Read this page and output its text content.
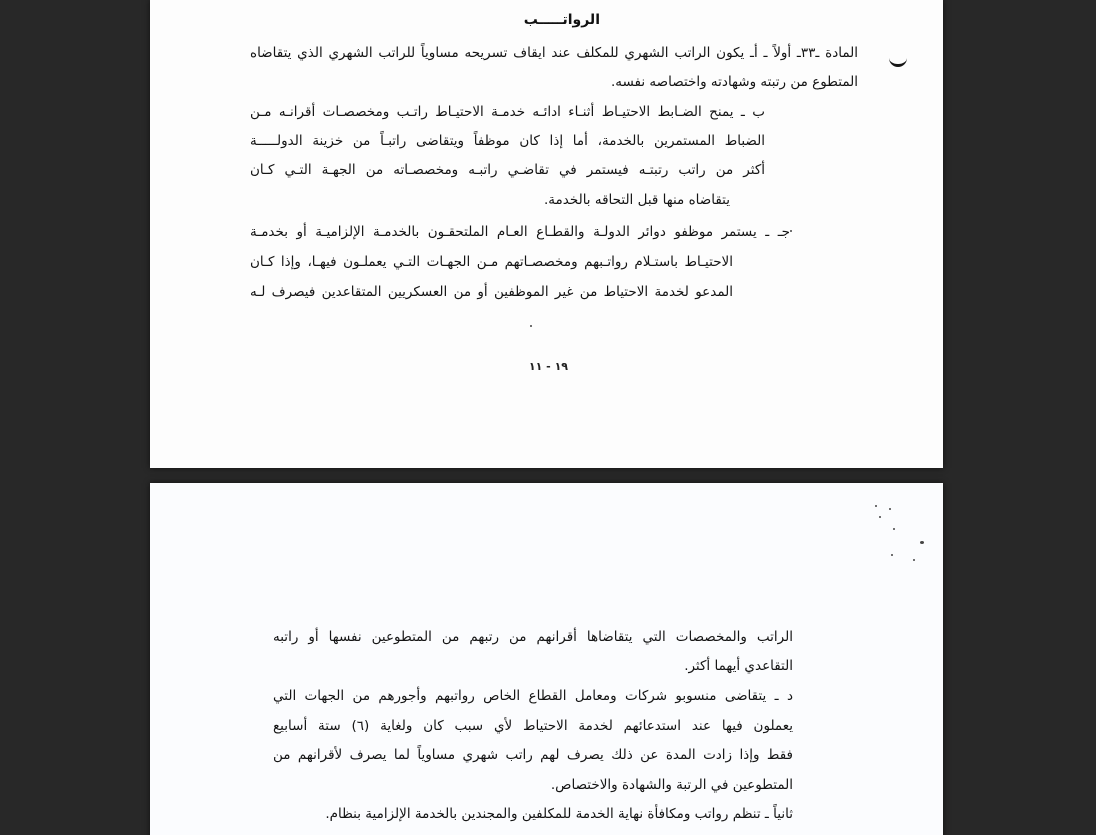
الرواتـــــب
المادة ـ٣٣ـ أولاً ـ أـ يكون الراتب الشهري للمكلف عند ايقاف تسريحه مساوياً للراتب الشهري الذي يتقاضاه
المتطوع من رتبته وشهادته واختصاصه نفسه.
ب ـ يمنح الضـابط الاحتيـاط أثنـاء ادائـه خدمـة الاحتيـاط راتـب ومخصصـات أقرانـه مـن
الضباط المستمرين بالخدمة، أما إذا كان موظفاً ويتقاضى راتبـاً من خزينة الدولـــــة
أكثر من راتب رتبتـه فيستمر في تقاضـي راتبـه ومخصصـاته من الجهـة التـي كـان
يتقاضاه منها قبل التحاقه بالخدمة.
جـ ـ يستمر موظفو دوائر الدولـة والقطـاع العـام الملتحقـون بالخدمـة الإلزاميـة أو بخدمـة
الاحتيـاط باستـلام رواتـبهم ومخصصـاتهم مـن الجهـات التـي يعملـون فيهـا، وإذا كـان
المدعو لخدمة الاحتياط من غير الموظفين أو من العسكريين المتقاعدين فيصرف لـه
١٩ - ١١
الراتب والمخصصات التي يتقاضاها أقرانهم من رتبهم من المتطوعين نفسها أو راتبه
التقاعدي أيهما أكثر.
د ـ يتقاضى منسوبو شركات ومعامل القطاع الخاص رواتبهم وأجورهم من الجهات التي
يعملون فيها عند استدعائهم لخدمة الاحتياط لأي سبب كان ولغاية (٦) ستة أسابيع
فقط وإذا زادت المدة عن ذلك يصرف لهم راتب شهري مساوياً لما يصرف لأقرانهم من
المتطوعين في الرتبة والشهادة والاختصاص.
ثانياً ـ تنظم رواتب ومكافأة نهاية الخدمة للمكلفين والمجندين بالخدمة الإلزامية بنظام.
